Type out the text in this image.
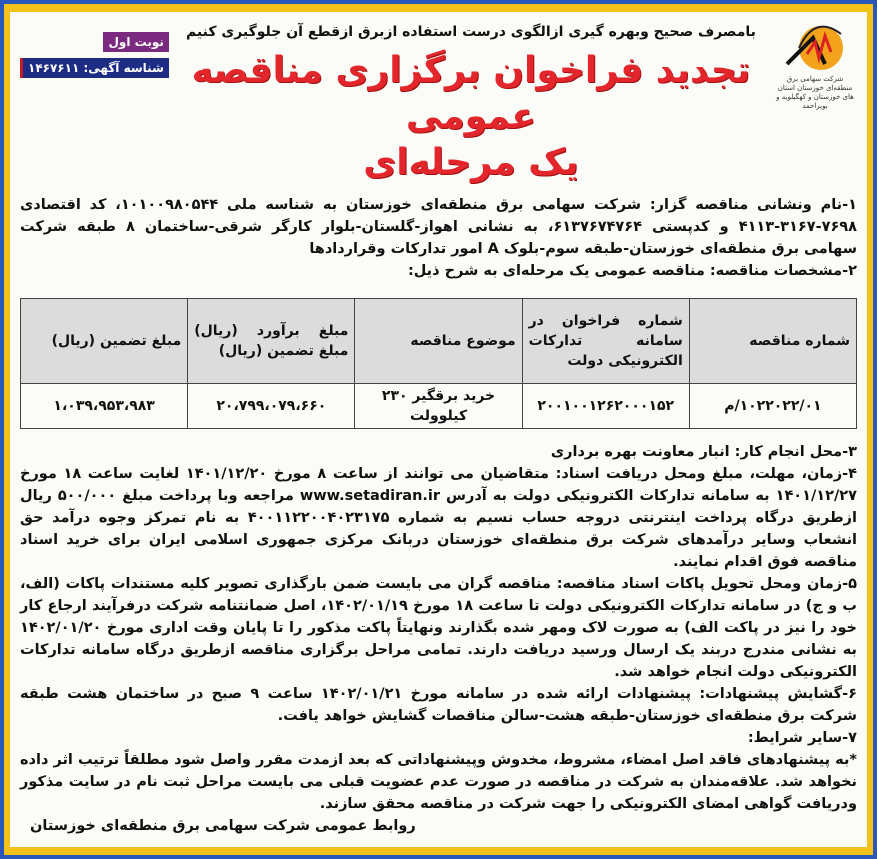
شرکت سهامی برق منطقه‌ای خوزستان استان های خوزستان و کهگیلویه و بویراحمد
بامصرف صحیح وبهره گیری ازالگوی درست استفاده ازبرق ازقطع آن جلوگیری کنیم
تجدید فراخوان برگزاری مناقصه عمومی
یک مرحله‌ای
نوبت اول
شناسه آگهی: ۱۴۶۷۶۱۱

۱-نام ونشانی مناقصه گزار: شرکت سهامی برق منطقه‌ای خوزستان به شناسه ملی ۱۰۱۰۰۹۸۰۵۴۴، کد اقتصادی ۷۶۹۸-۳۱۶۷-۴۱۱۳ و کدپستی ۶۱۳۷۶۷۴۷۶۴، به نشانی اهواز-گلستان-بلوار کارگر شرقی-ساختمان ۸ طبقه شرکت سهامی برق منطقه‌ای خوزستان-طبقه سوم-بلوک A امور تدارکات وقراردادها

۲-مشخصات مناقصه: مناقصه عمومی یک مرحله‌ای به شرح ذیل:

شماره مناقصه	شماره فراخوان در سامانه تدارکات الکترونیکی دولت	موضوع مناقصه	مبلغ برآورد (ریال) مبلغ تضمین (ریال)	مبلغ تضمین (ریال)
۱۰۲۲۰۲۲/۰۱/م	۲۰۰۱۰۰۱۲۶۲۰۰۰۱۵۲	خرید برقگیر ۲۳۰ کیلوولت	۲۰،۷۹۹،۰۷۹،۶۶۰	۱،۰۳۹،۹۵۳،۹۸۳

۳-محل انجام کار: انبار معاونت بهره برداری

۴-زمان، مهلت، مبلغ ومحل دریافت اسناد: متقاضیان می توانند از ساعت ۸ مورخ ۱۴۰۱/۱۲/۲۰ لغایت ساعت ۱۸ مورخ ۱۴۰۱/۱۲/۲۷ به سامانه تدارکات الکترونیکی دولت به آدرس www.setadiran.ir مراجعه وبا پرداخت مبلغ ۵۰۰/۰۰۰ ریال ازطریق درگاه پرداخت اینترنتی دروجه حساب نسیم به شماره ۴۰۰۱۱۲۲۰۰۴۰۲۳۱۷۵ به نام تمرکز وجوه درآمد حق انشعاب وسایر درآمدهای شرکت برق منطقه‌ای خوزستان دربانک مرکزی جمهوری اسلامی ایران برای خرید اسناد مناقصه فوق اقدام نمایند.

۵-زمان ومحل تحویل پاکات اسناد مناقصه: مناقصه گران می بایست ضمن بارگذاری تصویر کلیه مستندات پاکات (الف، ب و ج) در سامانه تدارکات الکترونیکی دولت تا ساعت ۱۸ مورخ ۱۴۰۲/۰۱/۱۹، اصل ضمانتنامه شرکت درفرآیند ارجاع کار خود را نیز در پاکت الف) به صورت لاک ومهر شده بگذارند ونهایتاً پاکت مذکور را تا پایان وقت اداری مورخ ۱۴۰۲/۰۱/۲۰ به نشانی مندرج دربند یک ارسال ورسید دریافت دارند. تمامی مراحل برگزاری مناقصه ازطریق درگاه سامانه تدارکات الکترونیکی دولت انجام خواهد شد.

۶-گشایش پیشنهادات: پیشنهادات ارائه شده در سامانه مورخ ۱۴۰۲/۰۱/۲۱ ساعت ۹ صبح در ساختمان هشت طبقه شرکت برق منطقه‌ای خوزستان-طبقه هشت-سالن مناقصات گشایش خواهد یافت.

۷-سایر شرایط:

*به پیشنهادهای فاقد اصل امضاء، مشروط، مخدوش وپیشنهاداتی که بعد ازمدت مقرر واصل شود مطلقاً ترتیب اثر داده نخواهد شد. علاقه‌مندان به شرکت در مناقصه در صورت عدم عضویت قبلی می بایست مراحل ثبت نام در سایت مذکور ودریافت گواهی امضای الکترونیکی را جهت شرکت در مناقصه محقق سازند.

روابط عمومی شرکت سهامی برق منطقه‌ای خوزستان
